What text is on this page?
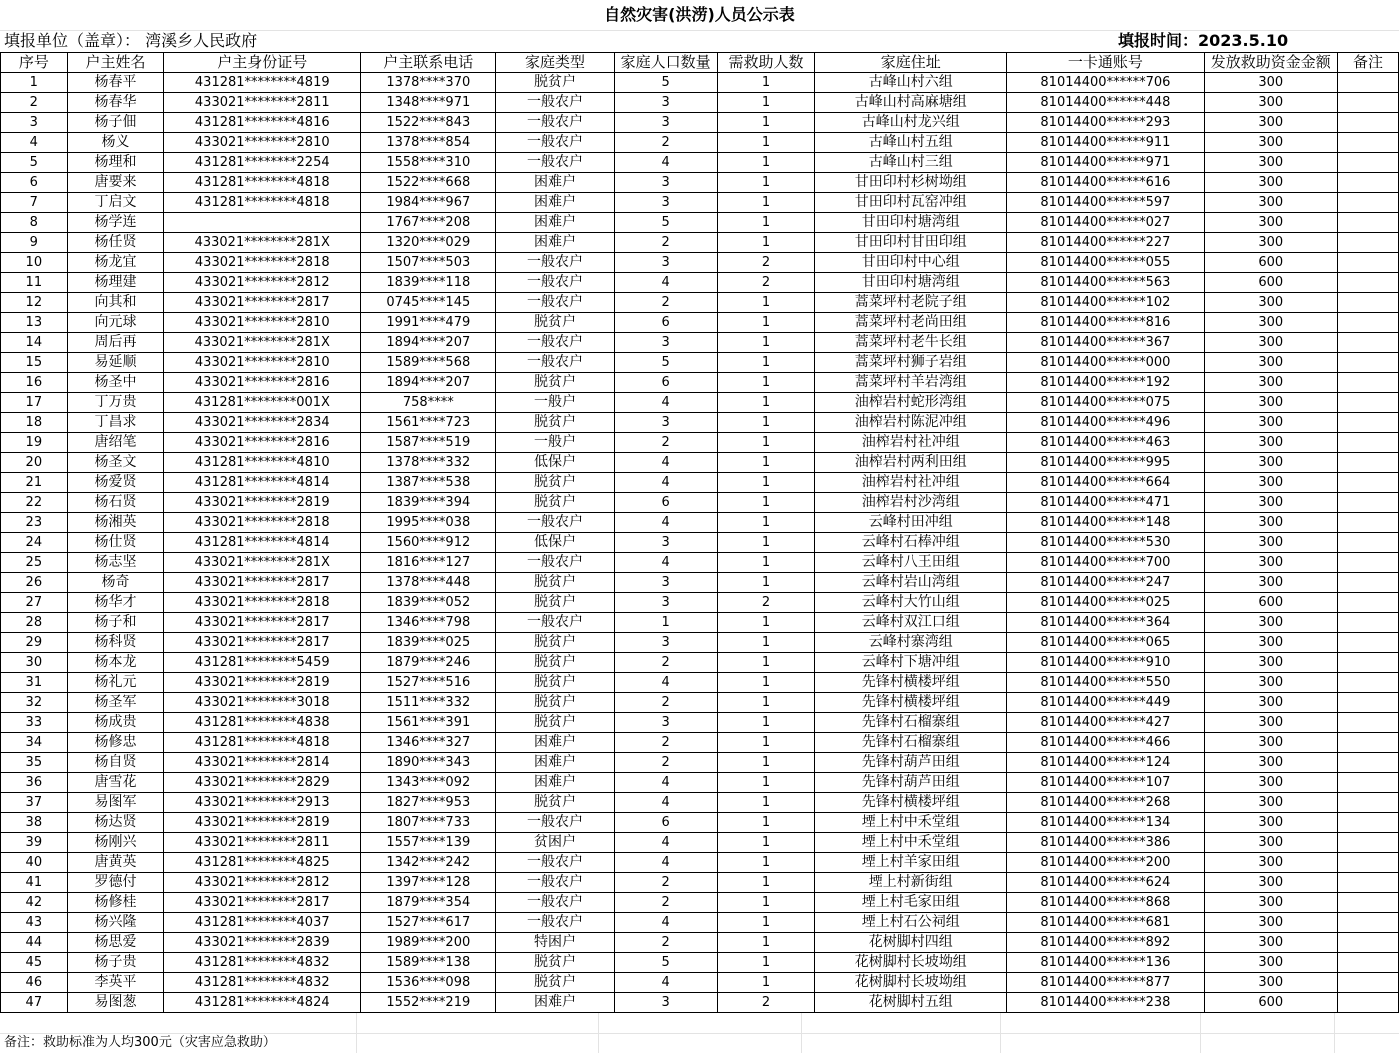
自然灾害(洪涝)人员公示表
填报单位（盖章）： 湾溪乡人民政府	填报时间：2023.5.10
序号	户主姓名	户主身份证号	户主联系电话	家庭类型	家庭人口数量	需救助人数	家庭住址	一卡通账号	发放救助资金金额	备注
1	杨春平	431281********4819	1378****370	脱贫户	5	1	古峰山村六组	81014400******706	300	
2	杨春华	433021********2811	1348****971	一般农户	3	1	古峰山村高麻塘组	81014400******448	300	
3	杨子佃	431281********4816	1522****843	一般农户	3	1	古峰山村龙兴组	81014400******293	300	
4	杨义	433021********2810	1378****854	一般农户	2	1	古峰山村五组	81014400******911	300	
5	杨理和	431281********2254	1558****310	一般农户	4	1	古峰山村三组	81014400******971	300	
6	唐要来	431281********4818	1522****668	困难户	3	1	甘田印村杉树坳组	81014400******616	300	
7	丁启文	431281********4818	1984****967	困难户	3	1	甘田印村瓦窑冲组	81014400******597	300	
8	杨学连		1767****208	困难户	5	1	甘田印村塘湾组	81014400******027	300	
9	杨任贤	433021********281X	1320****029	困难户	2	1	甘田印村甘田印组	81014400******227	300	
10	杨龙宜	433021********2818	1507****503	一般农户	3	2	甘田印村中心组	81014400******055	600	
11	杨理建	433021********2812	1839****118	一般农户	4	2	甘田印村塘湾组	81014400******563	600	
12	向其和	433021********2817	0745****145	一般农户	2	1	蒿菜坪村老院子组	81014400******102	300	
13	向元球	433021********2810	1991****479	脱贫户	6	1	蒿菜坪村老尚田组	81014400******816	300	
14	周后再	433021********281X	1894****207	一般农户	3	1	蒿菜坪村老牛长组	81014400******367	300	
15	易延顺	433021********2810	1589****568	一般农户	5	1	蒿菜坪村狮子岩组	81014400******000	300	
16	杨圣中	433021********2816	1894****207	脱贫户	6	1	蒿菜坪村羊岩湾组	81014400******192	300	
17	丁万贵	431281********001X	758****	一般户	4	1	油榨岩村蛇形湾组	81014400******075	300	
18	丁昌求	433021********2834	1561****723	脱贫户	3	1	油榨岩村陈泥冲组	81014400******496	300	
19	唐绍笔	433021********2816	1587****519	一般户	2	1	油榨岩村社冲组	81014400******463	300	
20	杨圣文	431281********4810	1378****332	低保户	4	1	油榨岩村两利田组	81014400******995	300	
21	杨爱贤	431281********4814	1387****538	脱贫户	4	1	油榨岩村社冲组	81014400******664	300	
22	杨石贤	433021********2819	1839****394	脱贫户	6	1	油榨岩村沙湾组	81014400******471	300	
23	杨湘英	433021********2818	1995****038	一般农户	4	1	云峰村田冲组	81014400******148	300	
24	杨仕贤	431281********4814	1560****912	低保户	3	1	云峰村石棒冲组	81014400******530	300	
25	杨志坚	433021********281X	1816****127	一般农户	4	1	云峰村八王田组	81014400******700	300	
26	杨奇	433021********2817	1378****448	脱贫户	3	1	云峰村岩山湾组	81014400******247	300	
27	杨华才	433021********2818	1839****052	脱贫户	3	2	云峰村大竹山组	81014400******025	600	
28	杨子和	433021********2817	1346****798	一般农户	1	1	云峰村双江口组	81014400******364	300	
29	杨科贤	433021********2817	1839****025	脱贫户	3	1	云峰村寨湾组	81014400******065	300	
30	杨本龙	431281********5459	1879****246	脱贫户	2	1	云峰村下塘冲组	81014400******910	300	
31	杨礼元	433021********2819	1527****516	脱贫户	4	1	先锋村横楼坪组	81014400******550	300	
32	杨圣军	433021********3018	1511****332	脱贫户	2	1	先锋村横楼坪组	81014400******449	300	
33	杨成贵	431281********4838	1561****391	脱贫户	3	1	先锋村石榴寨组	81014400******427	300	
34	杨修忠	431281********4818	1346****327	困难户	2	1	先锋村石榴寨组	81014400******466	300	
35	杨自贤	433021********2814	1890****343	困难户	2	1	先锋村葫芦田组	81014400******124	300	
36	唐雪花	433021********2829	1343****092	困难户	4	1	先锋村葫芦田组	81014400******107	300	
37	易图军	433021********2913	1827****953	脱贫户	4	1	先锋村横楼坪组	81014400******268	300	
38	杨达贤	433021********2819	1807****733	一般农户	6	1	堙上村中禾堂组	81014400******134	300	
39	杨刚兴	433021********2811	1557****139	贫困户	4	1	堙上村中禾堂组	81014400******386	300	
40	唐黄英	431281********4825	1342****242	一般农户	4	1	堙上村羊家田组	81014400******200	300	
41	罗德付	433021********2812	1397****128	一般农户	2	1	堙上村新街组	81014400******624	300	
42	杨修桂	433021********2817	1879****354	一般农户	2	1	堙上村毛家田组	81014400******868	300	
43	杨兴隆	431281********4037	1527****617	一般农户	4	1	堙上村石公祠组	81014400******681	300	
44	杨思爱	433021********2839	1989****200	特困户	2	1	花树脚村四组	81014400******892	300	
45	杨子贵	431281********4832	1589****138	脱贫户	5	1	花树脚村长坡坳组	81014400******136	300	
46	李英平	431281********4832	1536****098	脱贫户	4	1	花树脚村长坡坳组	81014400******877	300	
47	易图葱	431281********4824	1552****219	困难户	3	2	花树脚村五组	81014400******238	600	
备注：救助标准为人均300元（灾害应急救助）
